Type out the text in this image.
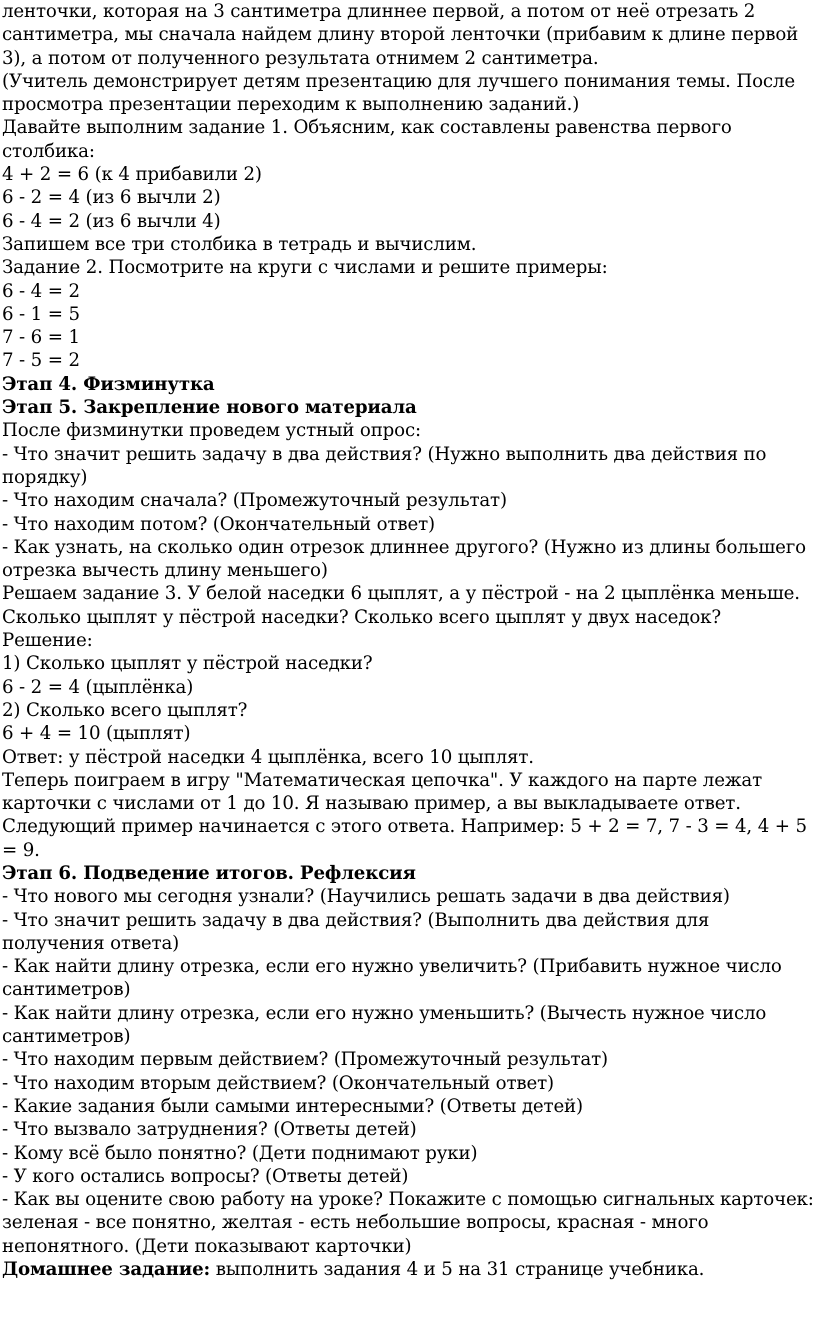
ленточки, которая на 3 сантиметра длиннее первой, а потом от неё отрезать 2 сантиметра, мы сначала найдем длину второй ленточки (прибавим к длине первой 3), а потом от полученного результата отнимем 2 сантиметра.

(Учитель демонстрирует детям презентацию для лучшего понимания темы. После просмотра презентации переходим к выполнению заданий.)

Давайте выполним задание 1. Объясним, как составлены равенства первого столбика:

4 + 2 = 6 (к 4 прибавили 2)

6 - 2 = 4 (из 6 вычли 2)

6 - 4 = 2 (из 6 вычли 4)

Запишем все три столбика в тетрадь и вычислим.

Задание 2. Посмотрите на круги с числами и решите примеры:

6 - 4 = 2

6 - 1 = 5

7 - 6 = 1

7 - 5 = 2

Этап 4. Физминутка

Этап 5. Закрепление нового материала

После физминутки проведем устный опрос:

- Что значит решить задачу в два действия? (Нужно выполнить два действия по порядку)

- Что находим сначала? (Промежуточный результат)

- Что находим потом? (Окончательный ответ)

- Как узнать, на сколько один отрезок длиннее другого? (Нужно из длины большего отрезка вычесть длину меньшего)

Решаем задание 3. У белой наседки 6 цыплят, а у пёстрой - на 2 цыплёнка меньше. Сколько цыплят у пёстрой наседки? Сколько всего цыплят у двух наседок?

Решение:

1) Сколько цыплят у пёстрой наседки?

6 - 2 = 4 (цыплёнка)

2) Сколько всего цыплят?

6 + 4 = 10 (цыплят)

Ответ: у пёстрой наседки 4 цыплёнка, всего 10 цыплят.

Теперь поиграем в игру "Математическая цепочка". У каждого на парте лежат карточки с числами от 1 до 10. Я называю пример, а вы выкладываете ответ. Следующий пример начинается с этого ответа. Например: 5 + 2 = 7, 7 - 3 = 4, 4 + 5 = 9.

Этап 6. Подведение итогов. Рефлексия

- Что нового мы сегодня узнали? (Научились решать задачи в два действия)

- Что значит решить задачу в два действия? (Выполнить два действия для получения ответа)

- Как найти длину отрезка, если его нужно увеличить? (Прибавить нужное число сантиметров)

- Как найти длину отрезка, если его нужно уменьшить? (Вычесть нужное число сантиметров)

- Что находим первым действием? (Промежуточный результат)

- Что находим вторым действием? (Окончательный ответ)

- Какие задания были самыми интересными? (Ответы детей)

- Что вызвало затруднения? (Ответы детей)

- Кому всё было понятно? (Дети поднимают руки)

- У кого остались вопросы? (Ответы детей)

- Как вы оцените свою работу на уроке? Покажите с помощью сигнальных карточек: зеленая - все понятно, желтая - есть небольшие вопросы, красная - много непонятного. (Дети показывают карточки)

Домашнее задание: выполнить задания 4 и 5 на 31 странице учебника.
